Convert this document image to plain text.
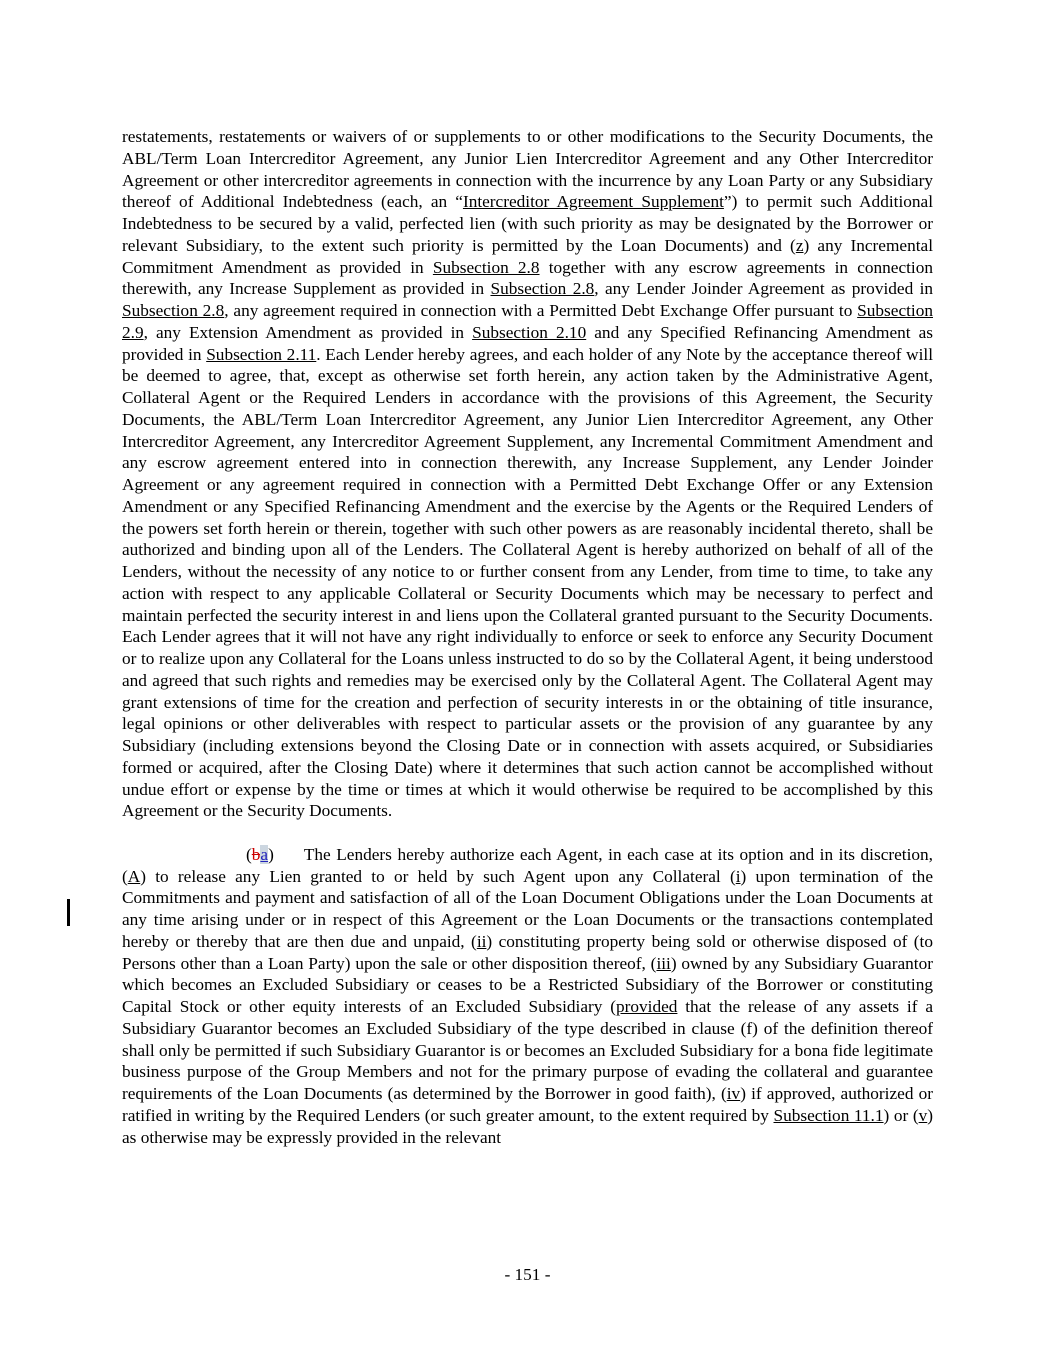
restatements, restatements or waivers of or supplements to or other modifications to the Security Documents, the ABL/Term Loan Intercreditor Agreement, any Junior Lien Intercreditor Agreement and any Other Intercreditor Agreement or other intercreditor agreements in connection with the incurrence by any Loan Party or any Subsidiary thereof of Additional Indebtedness (each, an “Intercreditor Agreement Supplement”) to permit such Additional Indebtedness to be secured by a valid, perfected lien (with such priority as may be designated by the Borrower or relevant Subsidiary, to the extent such priority is permitted by the Loan Documents) and (z) any Incremental Commitment Amendment as provided in Subsection 2.8 together with any escrow agreements in connection therewith, any Increase Supplement as provided in Subsection 2.8, any Lender Joinder Agreement as provided in Subsection 2.8, any agreement required in connection with a Permitted Debt Exchange Offer pursuant to Subsection 2.9, any Extension Amendment as provided in Subsection 2.10 and any Specified Refinancing Amendment as provided in Subsection 2.11. Each Lender hereby agrees, and each holder of any Note by the acceptance thereof will be deemed to agree, that, except as otherwise set forth herein, any action taken by the Administrative Agent, Collateral Agent or the Required Lenders in accordance with the provisions of this Agreement, the Security Documents, the ABL/Term Loan Intercreditor Agreement, any Junior Lien Intercreditor Agreement, any Other Intercreditor Agreement, any Intercreditor Agreement Supplement, any Incremental Commitment Amendment and any escrow agreement entered into in connection therewith, any Increase Supplement, any Lender Joinder Agreement or any agreement required in connection with a Permitted Debt Exchange Offer or any Extension Amendment or any Specified Refinancing Amendment and the exercise by the Agents or the Required Lenders of the powers set forth herein or therein, together with such other powers as are reasonably incidental thereto, shall be authorized and binding upon all of the Lenders. The Collateral Agent is hereby authorized on behalf of all of the Lenders, without the necessity of any notice to or further consent from any Lender, from time to time, to take any action with respect to any applicable Collateral or Security Documents which may be necessary to perfect and maintain perfected the security interest in and liens upon the Collateral granted pursuant to the Security Documents. Each Lender agrees that it will not have any right individually to enforce or seek to enforce any Security Document or to realize upon any Collateral for the Loans unless instructed to do so by the Collateral Agent, it being understood and agreed that such rights and remedies may be exercised only by the Collateral Agent. The Collateral Agent may grant extensions of time for the creation and perfection of security interests in or the obtaining of title insurance, legal opinions or other deliverables with respect to particular assets or the provision of any guarantee by any Subsidiary (including extensions beyond the Closing Date or in connection with assets acquired, or Subsidiaries formed or acquired, after the Closing Date) where it determines that such action cannot be accomplished without undue effort or expense by the time or times at which it would otherwise be required to be accomplished by this Agreement or the Security Documents.

(ba) The Lenders hereby authorize each Agent, in each case at its option and in its discretion, (A) to release any Lien granted to or held by such Agent upon any Collateral (i) upon termination of the Commitments and payment and satisfaction of all of the Loan Document Obligations under the Loan Documents at any time arising under or in respect of this Agreement or the Loan Documents or the transactions contemplated hereby or thereby that are then due and unpaid, (ii) constituting property being sold or otherwise disposed of (to Persons other than a Loan Party) upon the sale or other disposition thereof, (iii) owned by any Subsidiary Guarantor which becomes an Excluded Subsidiary or ceases to be a Restricted Subsidiary of the Borrower or constituting Capital Stock or other equity interests of an Excluded Subsidiary (provided that the release of any assets if a Subsidiary Guarantor becomes an Excluded Subsidiary of the type described in clause (f) of the definition thereof shall only be permitted if such Subsidiary Guarantor is or becomes an Excluded Subsidiary for a bona fide legitimate business purpose of the Group Members and not for the primary purpose of evading the collateral and guarantee requirements of the Loan Documents (as determined by the Borrower in good faith), (iv) if approved, authorized or ratified in writing by the Required Lenders (or such greater amount, to the extent required by Subsection 11.1) or (v) as otherwise may be expressly provided in the relevant

- 151 -
